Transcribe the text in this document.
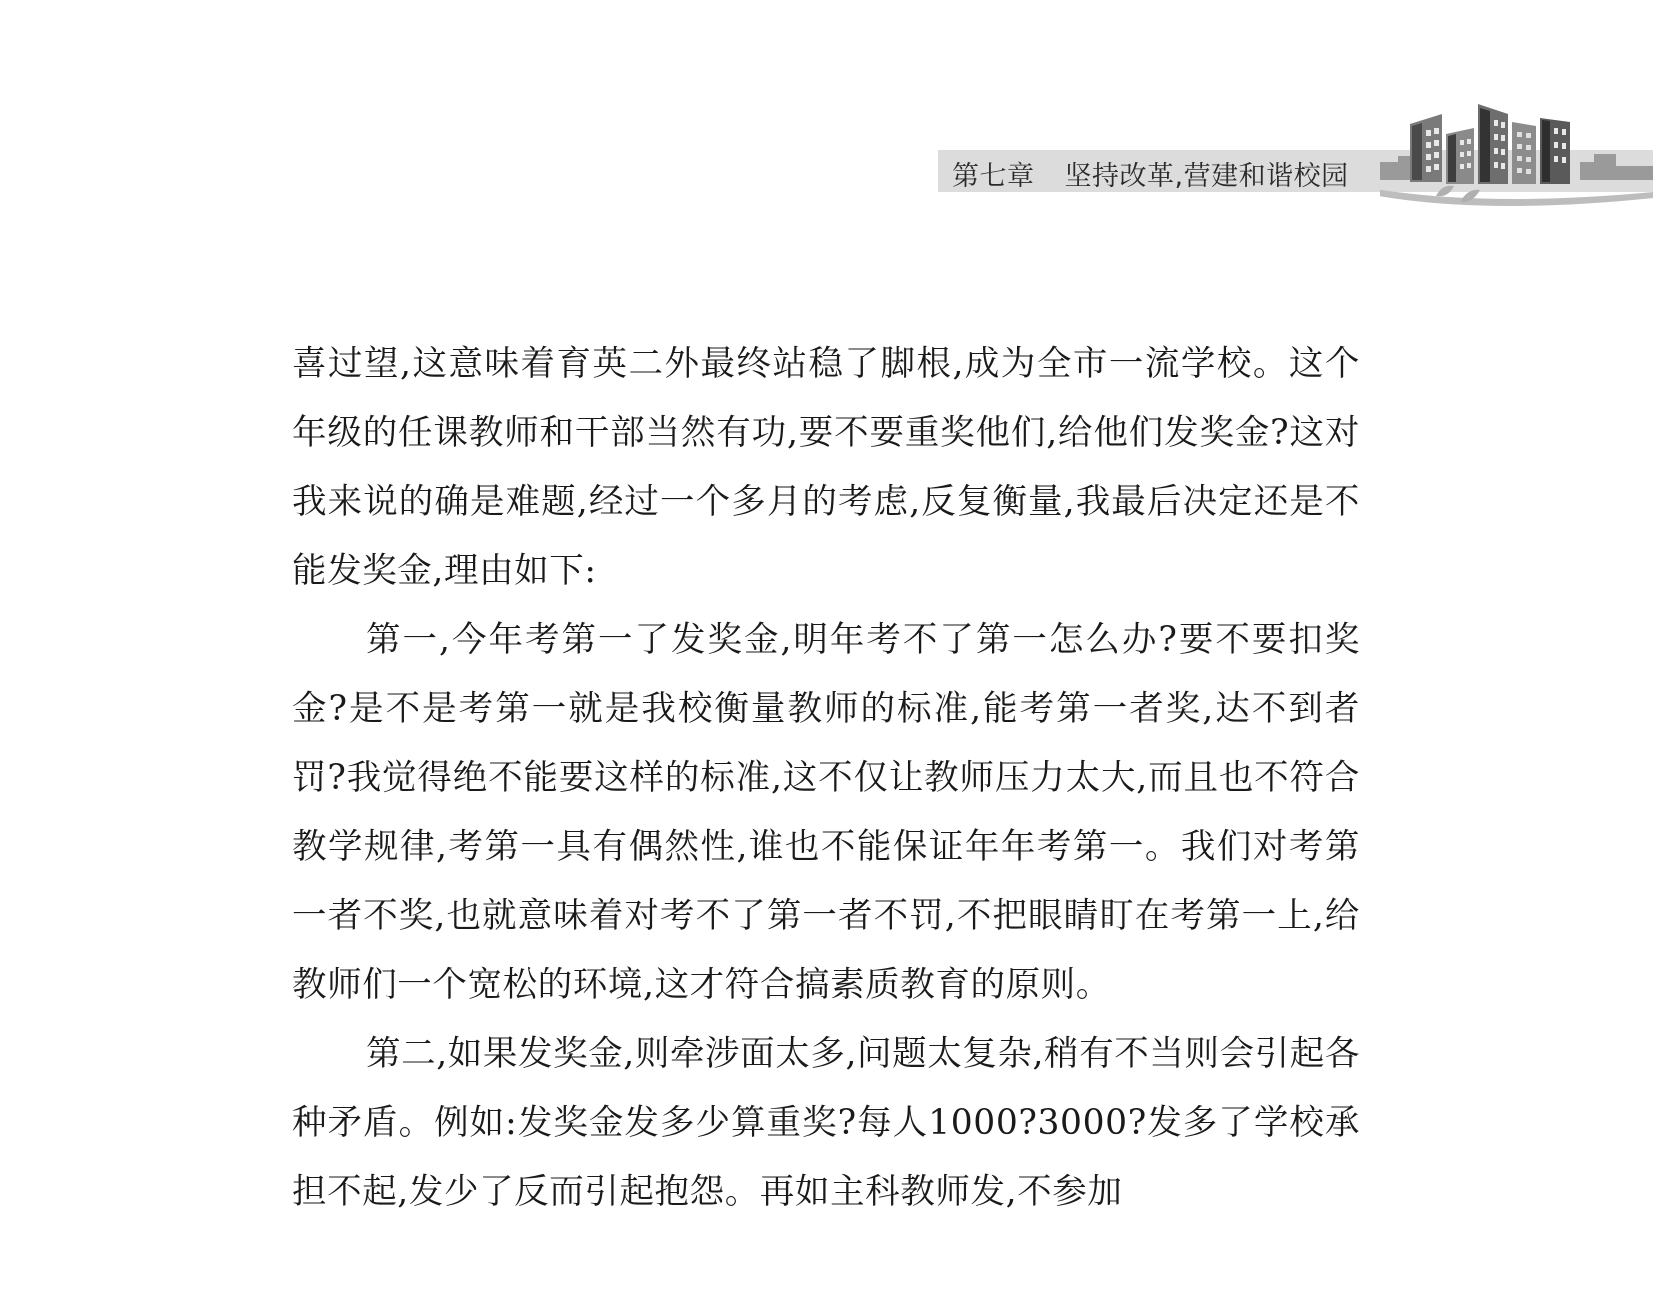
第七章 坚持改革,营建和谐校园

喜过望,这意味着育英二外最终站稳了脚根,成为全市一流学校。这个年级的任课教师和干部当然有功,要不要重奖他们,给他们发奖金?这对我来说的确是难题,经过一个多月的考虑,反复衡量,我最后决定还是不能发奖金,理由如下:

第一,今年考第一了发奖金,明年考不了第一怎么办?要不要扣奖金?是不是考第一就是我校衡量教师的标准,能考第一者奖,达不到者罚?我觉得绝不能要这样的标准,这不仅让教师压力太大,而且也不符合教学规律,考第一具有偶然性,谁也不能保证年年考第一。我们对考第一者不奖,也就意味着对考不了第一者不罚,不把眼睛盯在考第一上,给教师们一个宽松的环境,这才符合搞素质教育的原则。

第二,如果发奖金,则牵涉面太多,问题太复杂,稍有不当则会引起各种矛盾。例如:发奖金发多少算重奖?每人1000?3000?发多了学校承担不起,发少了反而引起抱怨。再如主科教师发,不参加
